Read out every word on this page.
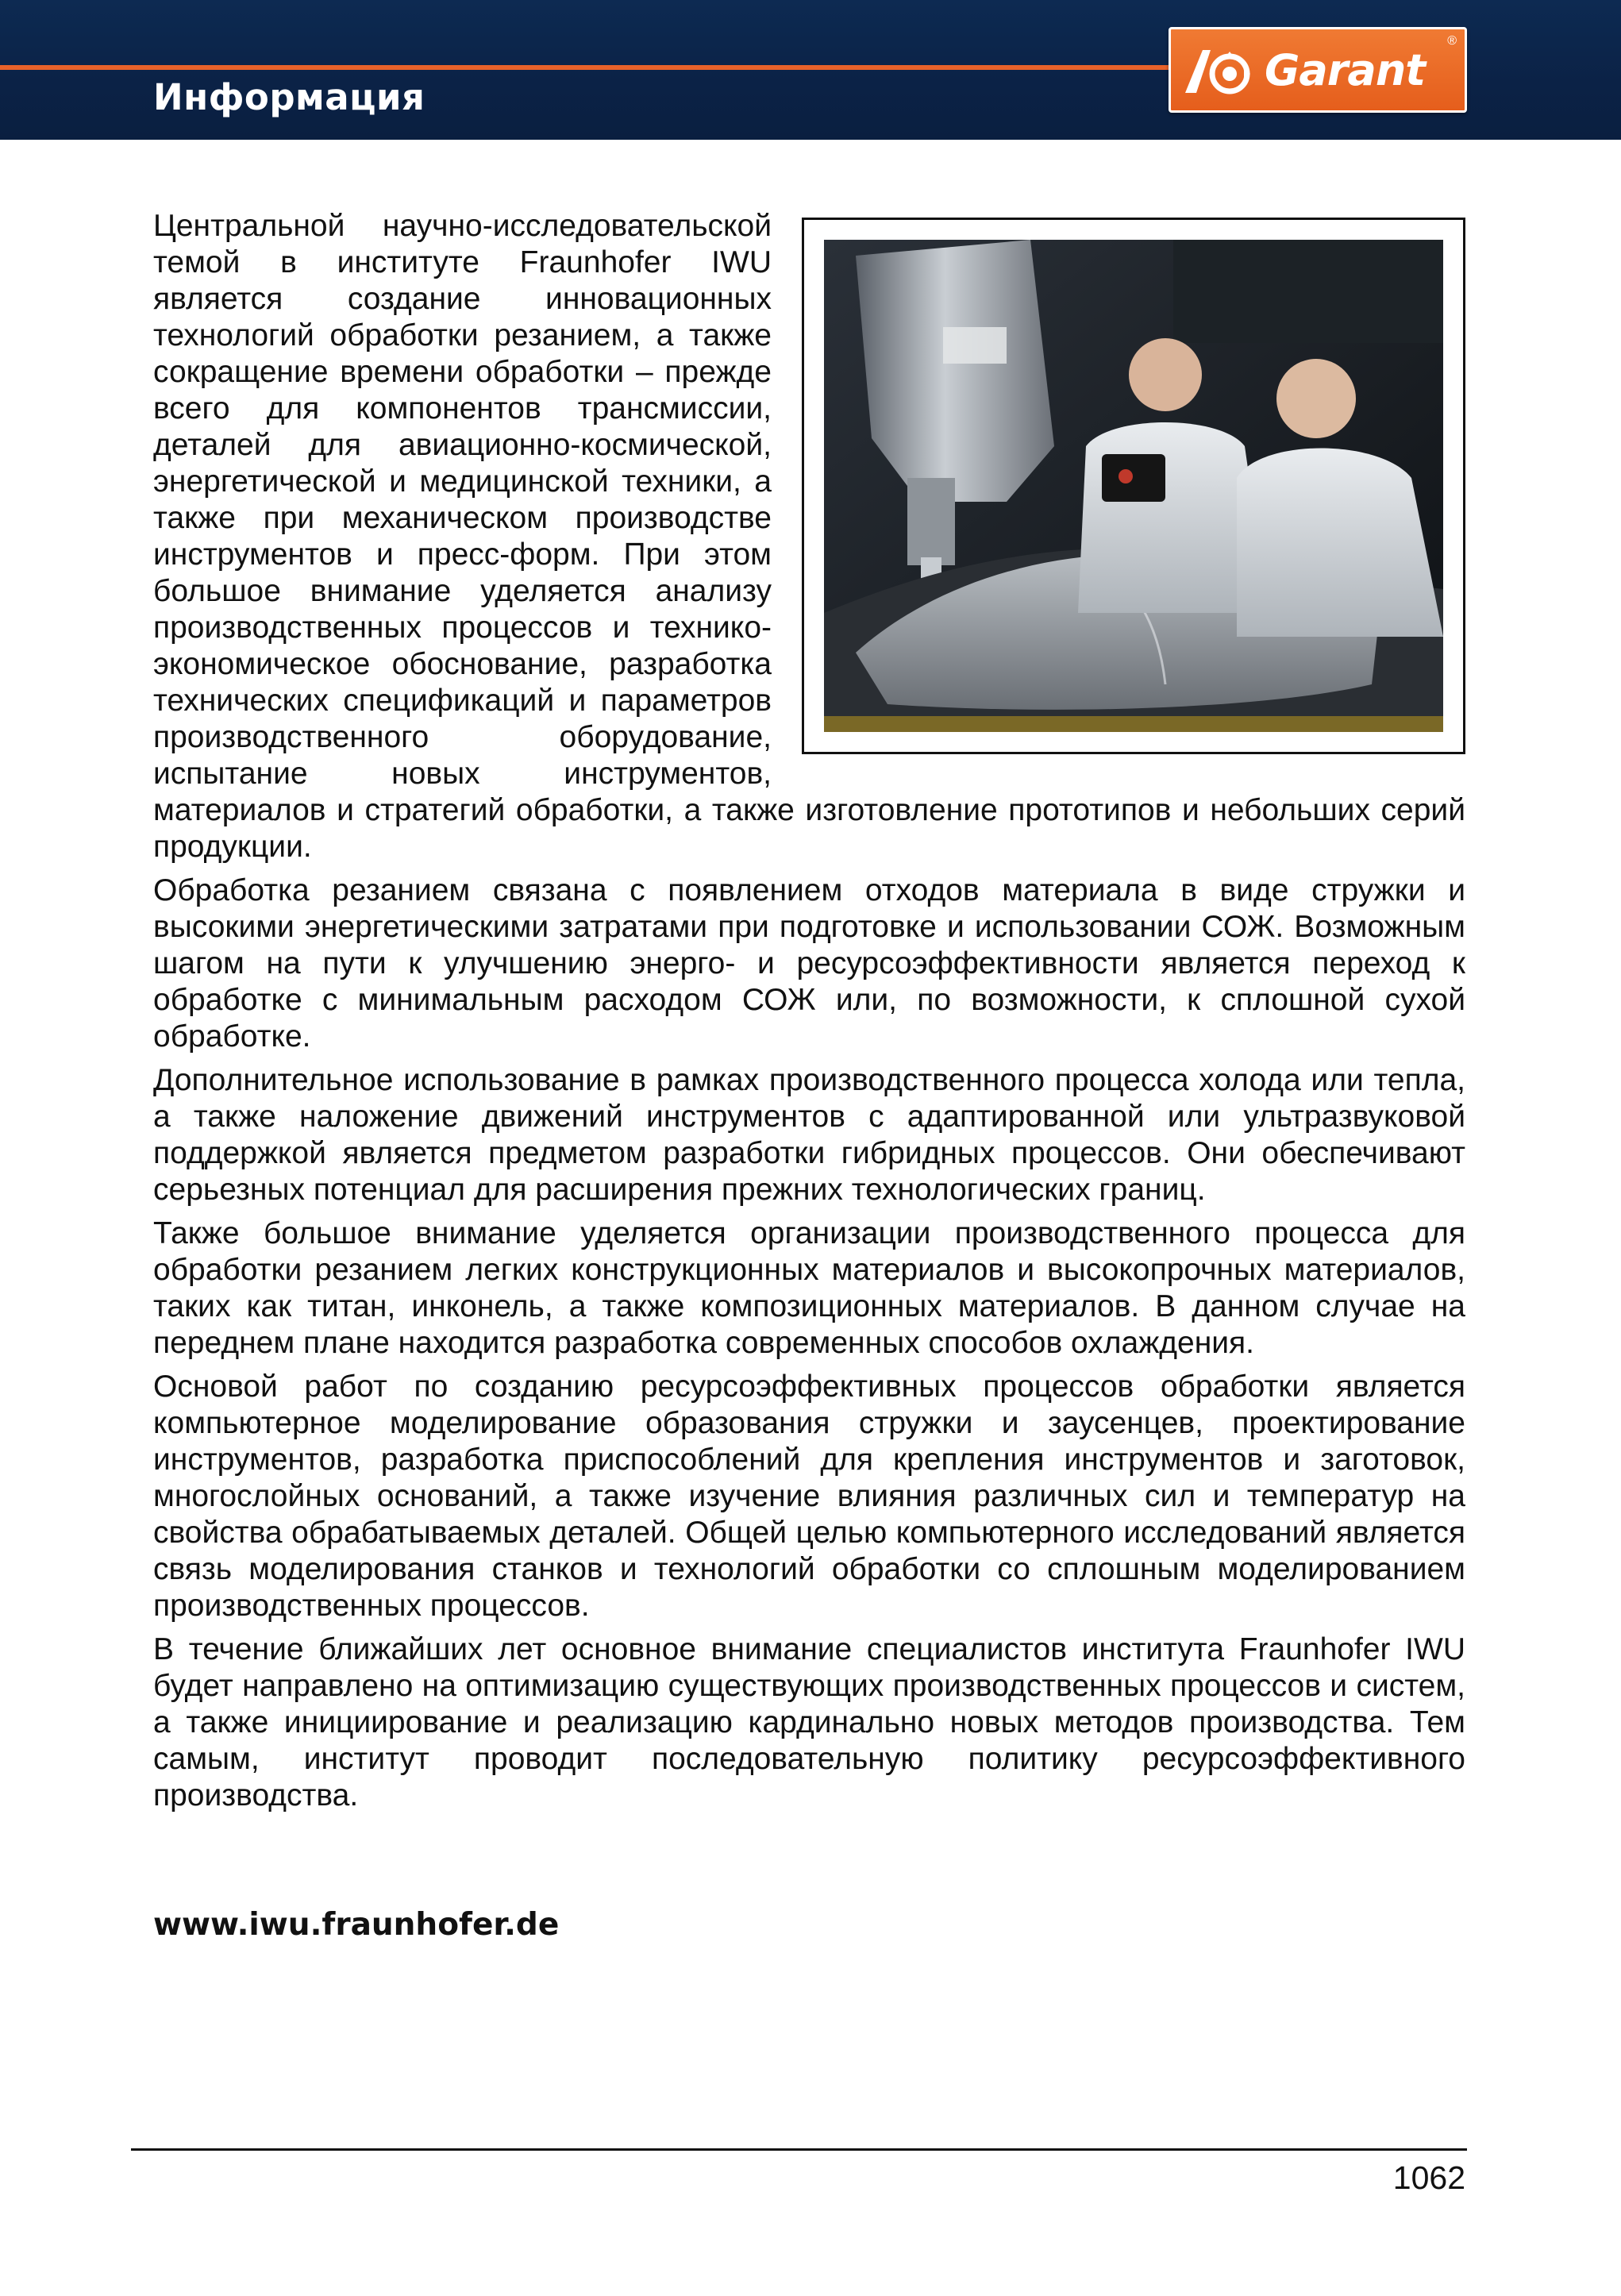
Информация
Garant
®

Центральной научно-исследовательской темой в институте Fraunhofer IWU является создание инновационных технологий обработки резанием, а также сокращение времени обработки – прежде всего для компонентов трансмиссии, деталей для авиационно-космической, энергетической и медицинской техники, а также при механическом производстве инструментов и пресс-форм. При этом большое внимание уделяется анализу производственных процессов и технико-экономическое обоснование, разработка технических спецификаций и параметров производственного оборудование, испытание новых инструментов, материалов и стратегий обработки, а также изготовление прототипов и небольших серий продукции.

Обработка резанием связана с появлением отходов материала в виде стружки и высокими энергетическими затратами при подготовке и использовании СОЖ. Возможным шагом на пути к улучшению энерго- и ресурсоэффективности является переход к обработке с минимальным расходом СОЖ или, по возможности, к сплошной сухой обработке.

Дополнительное использование в рамках производственного процесса холода или тепла, а также наложение движений инструментов с адаптированной или ультразвуковой поддержкой является предметом разработки гибридных процессов. Они обеспечивают серьезных потенциал для расширения прежних технологических границ.

Также большое внимание уделяется организации производственного процесса для обработки резанием легких конструкционных материалов и высокопрочных материалов, таких как титан, инконель, а также композиционных материалов. В данном случае на переднем плане находится разработка современных способов охлаждения.

Основой работ по созданию ресурсоэффективных процессов обработки является компьютерное моделирование образования стружки и заусенцев, проектирование инструментов, разработка приспособлений для крепления инструментов и заготовок, многослойных оснований, а также изучение влияния различных сил и температур на свойства обрабатываемых деталей. Общей целью компьютерного исследований является связь моделирования станков и технологий обработки со сплошным моделированием производственных процессов.

В течение ближайших лет основное внимание специалистов института Fraunhofer IWU будет направлено на оптимизацию существующих производственных процессов и систем, а также инициирование и реализацию кардинально новых методов производства. Тем самым, институт проводит последовательную политику ресурсоэффективного производства.

www.iwu.fraunhofer.de
1062
